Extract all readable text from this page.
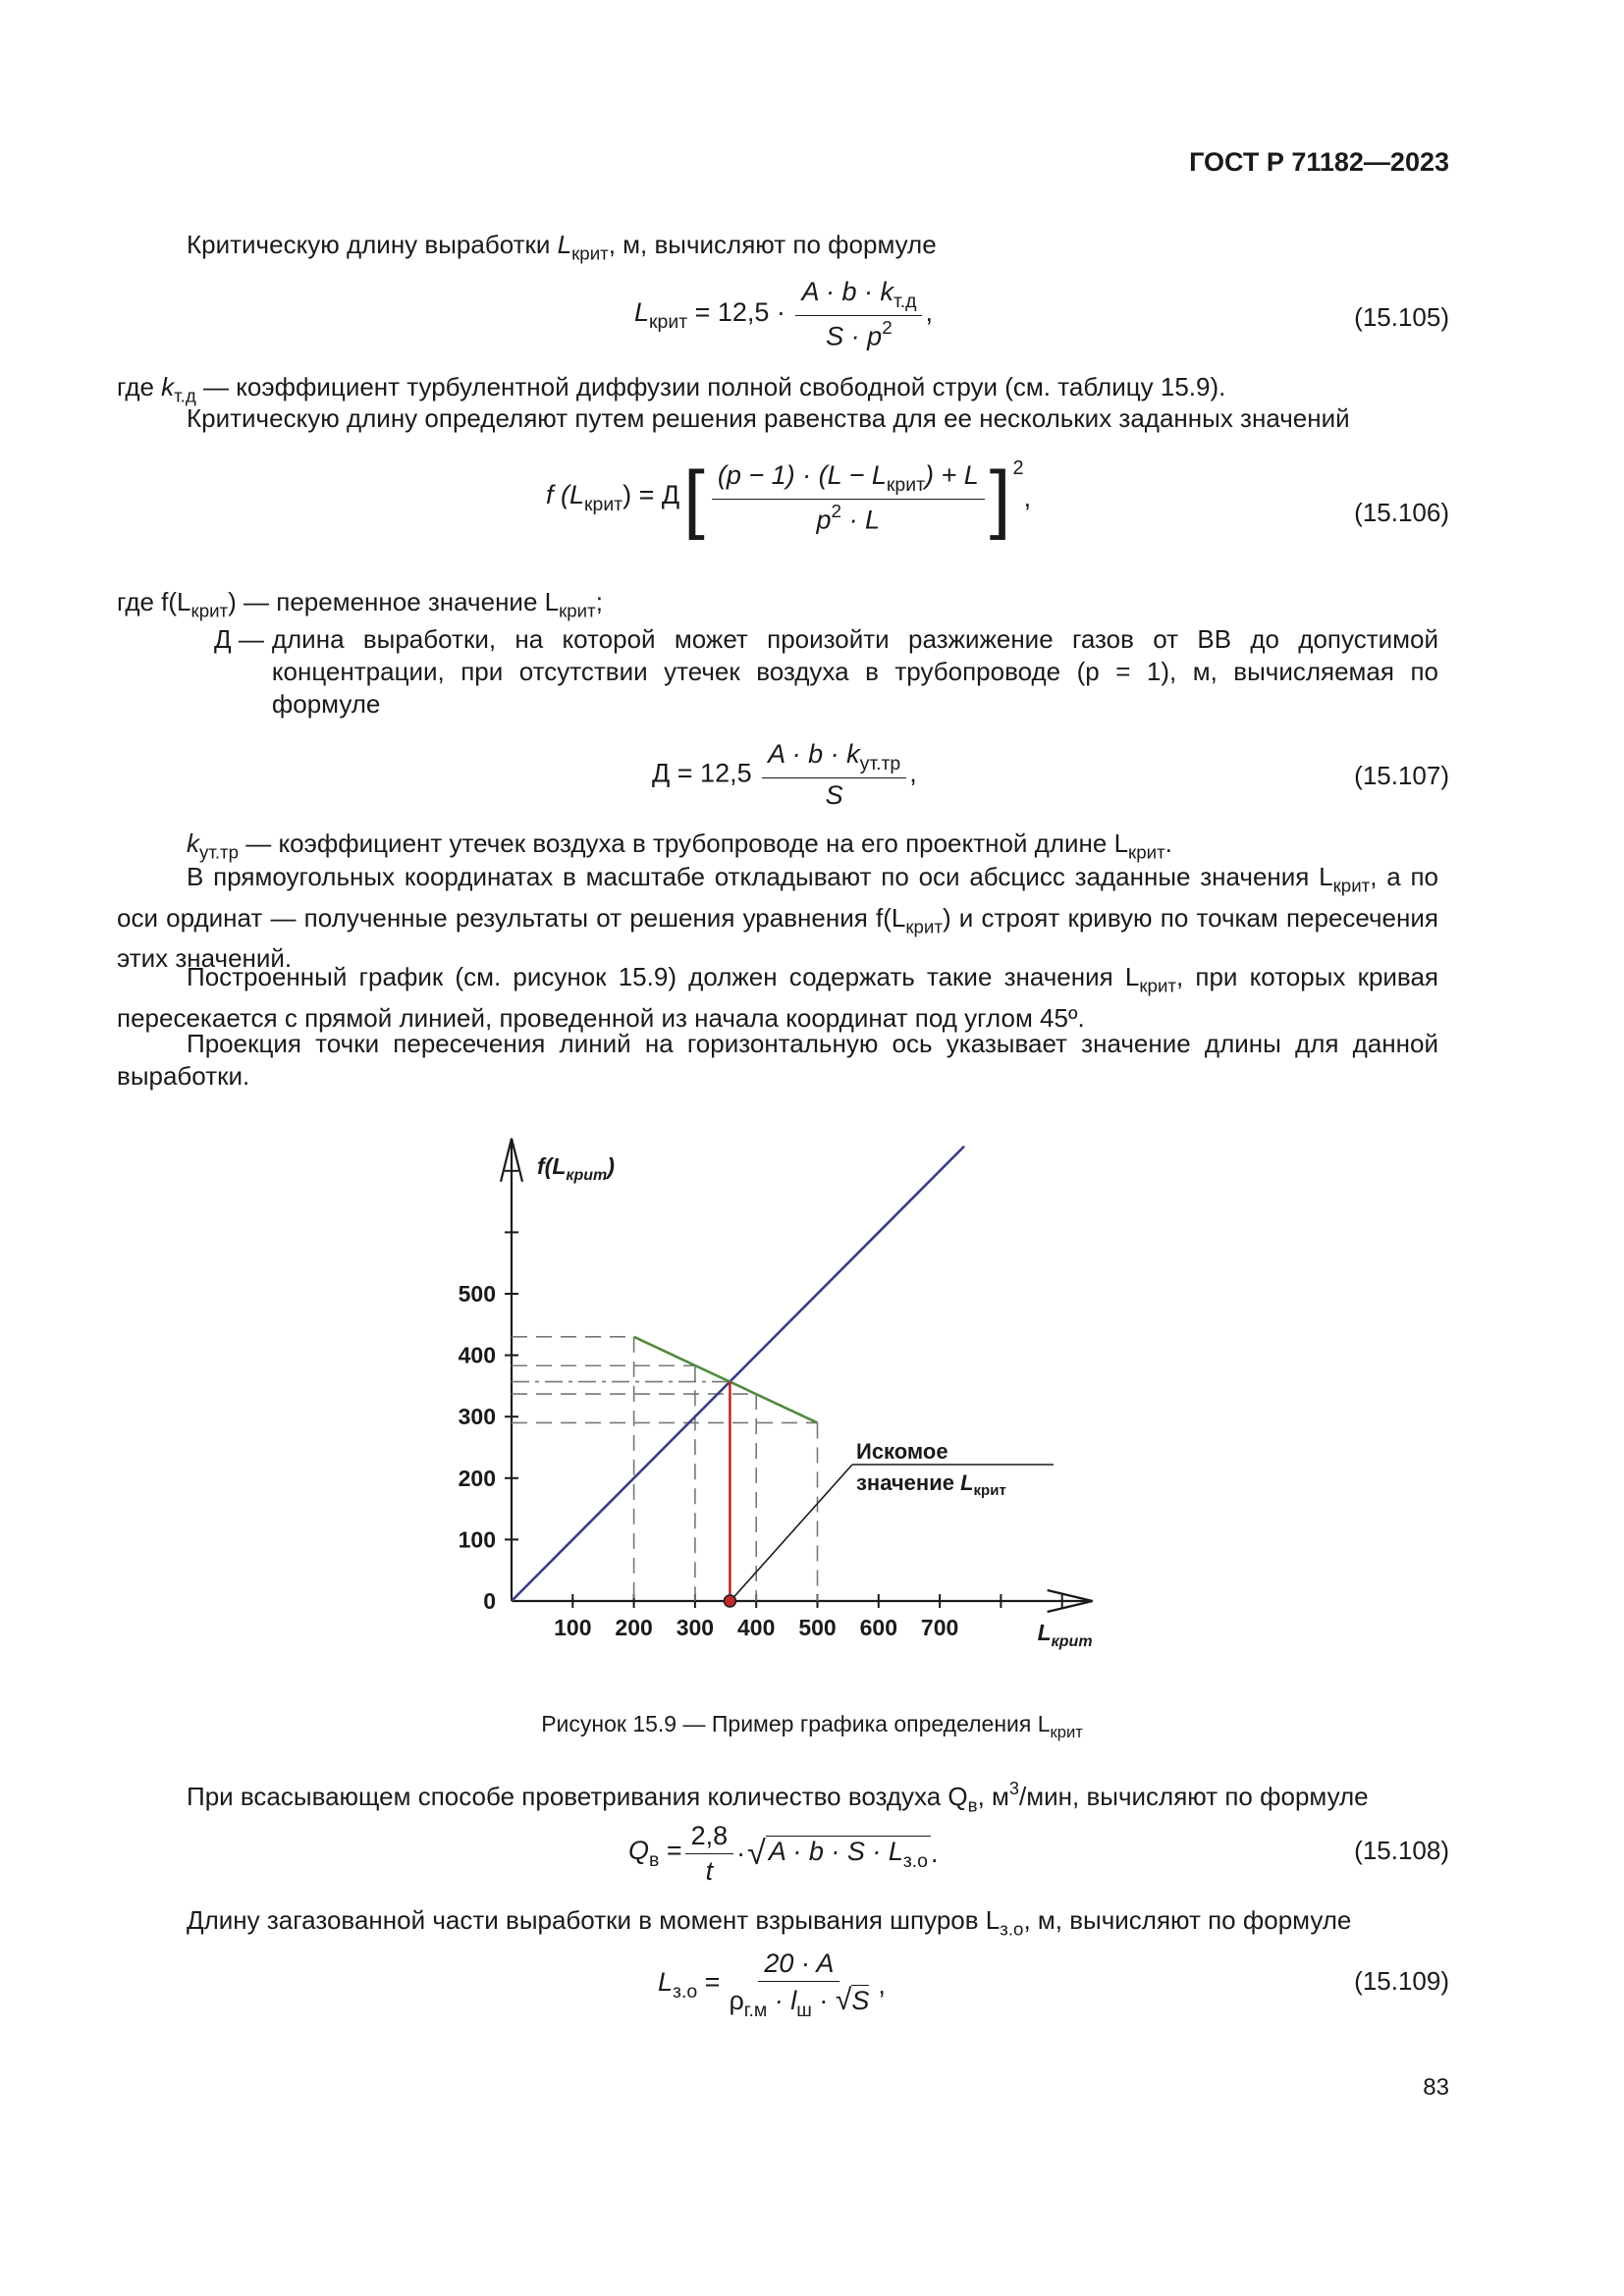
ГОСТ Р 71182—2023
Критическую длину выработки $L_{крит}$, м, вычисляют по формуле
$L_{крит} = 12,5 \cdot \frac{A \cdot b \cdot k_{т.д}}{S \cdot p^2}$ ,	(15.105)
где $k_{т.д}$ — коэффициент турбулентной диффузии полной свободной струи (см. таблицу 15.9).
Критическую длину определяют путем решения равенства для ее нескольких заданных значений
f $(L_{крит}) = Д$ [ $\frac{(p - 1) \cdot (L - L_{крит}) + L}{p^2 \cdot L}$ ] 2
,
(15.106)
где $f(L_{крит})$ — переменное значение $L_{крит}$;
Д — длина выработки, на которой может произойти разжижение газов от ВВ до допустимой концентрации, при отсутствии утечек воздуха в трубопроводе (p = 1), м, вычисляемая по формуле
$Д = 12,5 \frac{A \cdot b \cdot k_{ут.тр}}{S}$ ,	(15.107)
$k_{ут.тр}$ — коэффициент утечек воздуха в трубопроводе на его проектной длине $L_{крит}$.
В прямоугольных координатах в масштабе откладывают по оси абсцисс заданные значения $L_{крит}$, а по оси ординат — полученные результаты от решения уравнения $f(L_{крит})$ и строят кривую по точкам пересечения этих значений.
Построенный график (см. рисунок 15.9) должен содержать такие значения $L_{крит}$, при которых кривая пересекается с прямой линией, проведенной из начала координат под углом 45º.
Проекция точки пересечения линий на горизонтальную ось указывает значение длины для данной выработки.
100 200 300 400 500 600 700
0
100
200
300
400
500
$f(L_{крит})$
$L_{крит}$
Искомое
значение $L_{крит}$
Рисунок 15.9 — Пример графика определения $L_{крит}$
При всасывающем способе проветривания количество воздуха $Q_в$, $м^3$/мин, вычисляют по формуле
$Q_в = \frac{2,8}{t}$ · √ $A \cdot b \cdot S \cdot L_{з.о}$ .	(15.108)
Длину загазованной части выработки в момент взрывания шпуров $L_{з.о}$, м, вычисляют по формуле
$L_{з.о} = \frac{20 \cdot A}{\rho_{г.м} \cdot l_ш \cdot √S}$ ,	(15.109)
83
